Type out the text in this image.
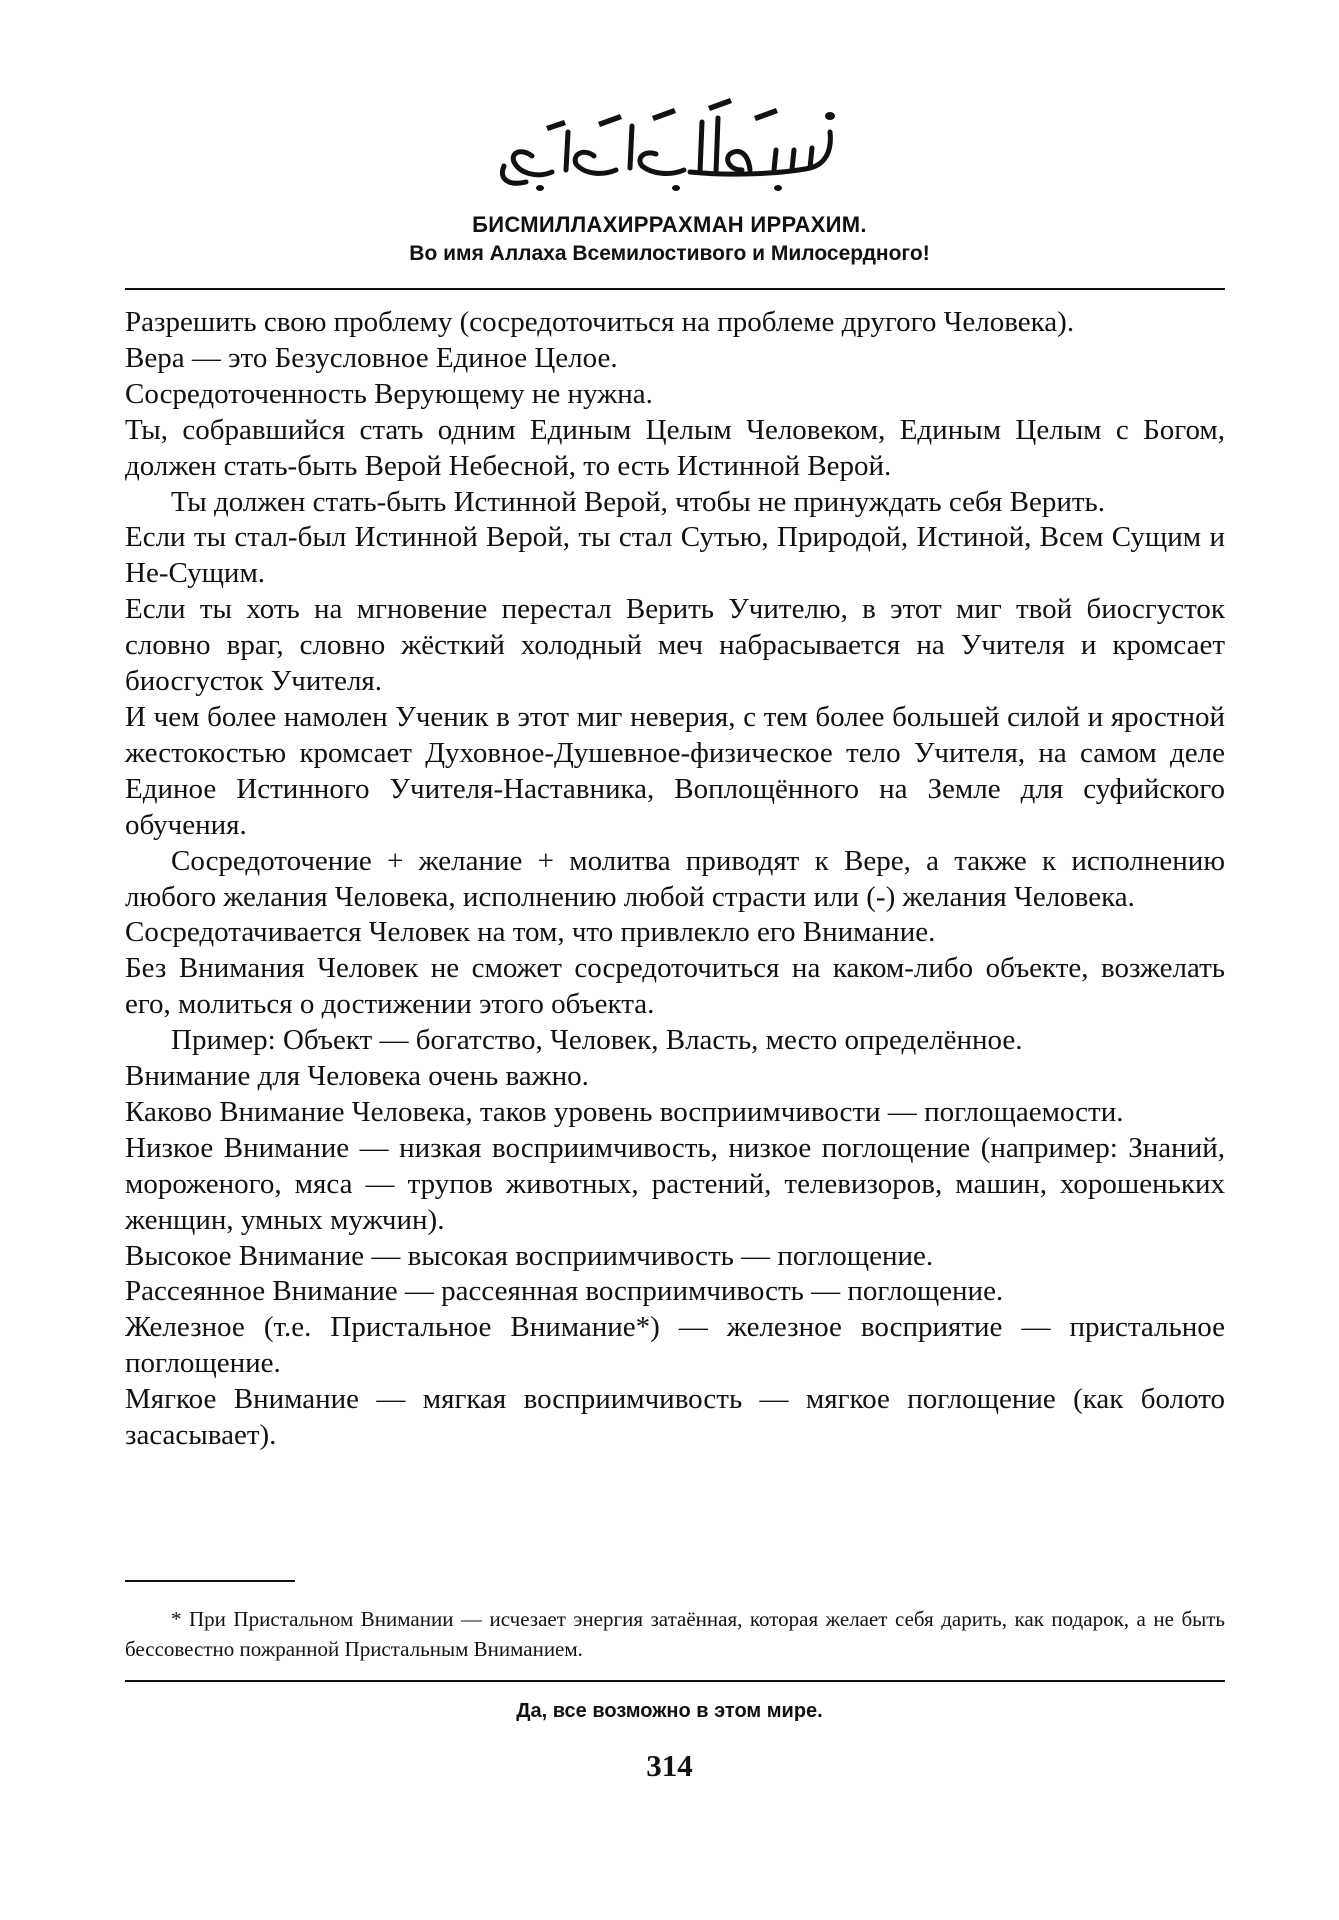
БИСМИЛЛАХИРРАХМАН ИРРАХИМ.
Во имя Аллаха Всемилостивого и Милосердного!

Разрешить свою проблему (сосредоточиться на проблеме другого Человека).

Вера — это Безусловное Единое Целое.

Сосредоточенность Верующему не нужна.

Ты, собравшийся стать одним Единым Целым Человеком, Единым Целым с Богом, должен стать-быть Верой Небесной, то есть Истинной Верой.

Ты должен стать-быть Истинной Верой, чтобы не принуждать себя Верить.

Если ты стал-был Истинной Верой, ты стал Сутью, Природой, Истиной, Всем Сущим и Не-Сущим.

Если ты хоть на мгновение перестал Верить Учителю, в этот миг твой биосгусток словно враг, словно жёсткий холодный меч набрасывается на Учителя и кромсает биосгусток Учителя.

И чем более намолен Ученик в этот миг неверия, с тем более большей силой и яростной жестокостью кромсает Духовное-Душевное-физическое тело Учителя, на самом деле Единое Истинного Учителя-Наставника, Воплощённого на Земле для суфийского обучения.

Сосредоточение + желание + молитва приводят к Вере, а также к исполнению любого желания Человека, исполнению любой страсти или (-) желания Человека.

Сосредотачивается Человек на том, что привлекло его Внимание.

Без Внимания Человек не сможет сосредоточиться на каком-либо объекте, возжелать его, молиться о достижении этого объекта.

Пример: Объект — богатство, Человек, Власть, место определённое.

Внимание для Человека очень важно.

Каково Внимание Человека, таков уровень восприимчивости — поглощаемости.

Низкое Внимание — низкая восприимчивость, низкое поглощение (например: Знаний, мороженого, мяса — трупов животных, растений, телевизоров, машин, хорошеньких женщин, умных мужчин).

Высокое Внимание — высокая восприимчивость — поглощение.

Рассеянное Внимание — рассеянная восприимчивость — поглощение.

Железное (т.е. Пристальное Внимание*) — железное восприятие — пристальное поглощение.

Мягкое Внимание — мягкая восприимчивость — мягкое поглощение (как болото засасывает).

* При Пристальном Внимании — исчезает энергия затаённая, которая желает себя дарить, как подарок, а не быть бессовестно пожранной Пристальным Вниманием.
Да, все возможно в этом мире.
314
